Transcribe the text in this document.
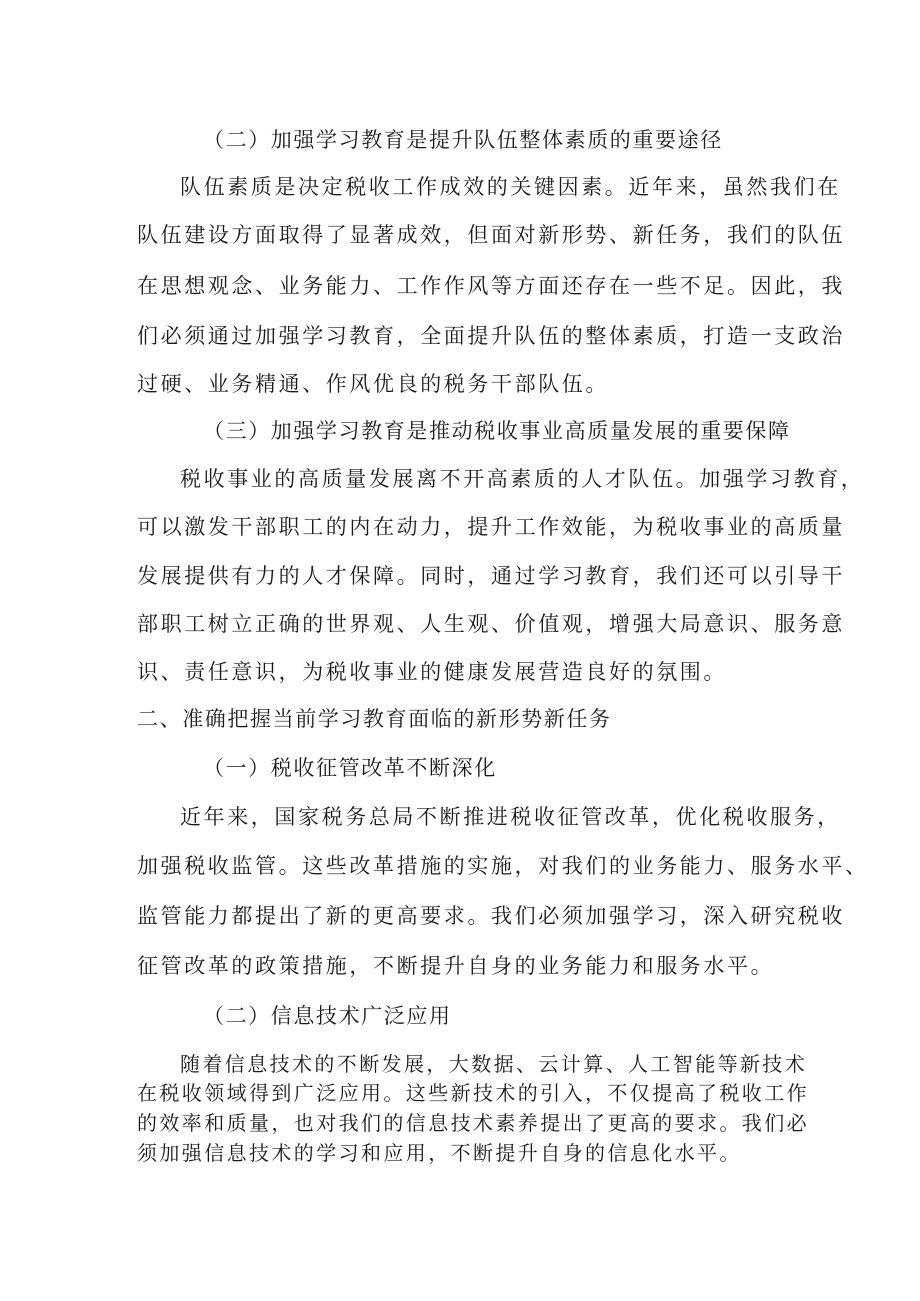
（二）加强学习教育是提升队伍整体素质的重要途径
队伍素质是决定税收工作成效的关键因素。近年来，虽然我们在
队伍建设方面取得了显著成效，但面对新形势、新任务，我们的队伍
在思想观念、业务能力、工作作风等方面还存在一些不足。因此，我
们必须通过加强学习教育，全面提升队伍的整体素质，打造一支政治
过硬、业务精通、作风优良的税务干部队伍。
（三）加强学习教育是推动税收事业高质量发展的重要保障
税收事业的高质量发展离不开高素质的人才队伍。加强学习教育，
可以激发干部职工的内在动力，提升工作效能，为税收事业的高质量
发展提供有力的人才保障。同时，通过学习教育，我们还可以引导干
部职工树立正确的世界观、人生观、价值观，增强大局意识、服务意
识、责任意识，为税收事业的健康发展营造良好的氛围。
二、准确把握当前学习教育面临的新形势新任务
（一）税收征管改革不断深化
近年来，国家税务总局不断推进税收征管改革，优化税收服务，
加强税收监管。这些改革措施的实施，对我们的业务能力、服务水平、
监管能力都提出了新的更高要求。我们必须加强学习，深入研究税收
征管改革的政策措施，不断提升自身的业务能力和服务水平。
（二）信息技术广泛应用
随着信息技术的不断发展，大数据、云计算、人工智能等新技术
在税收领域得到广泛应用。这些新技术的引入，不仅提高了税收工作
的效率和质量，也对我们的信息技术素养提出了更高的要求。我们必
须加强信息技术的学习和应用，不断提升自身的信息化水平。
